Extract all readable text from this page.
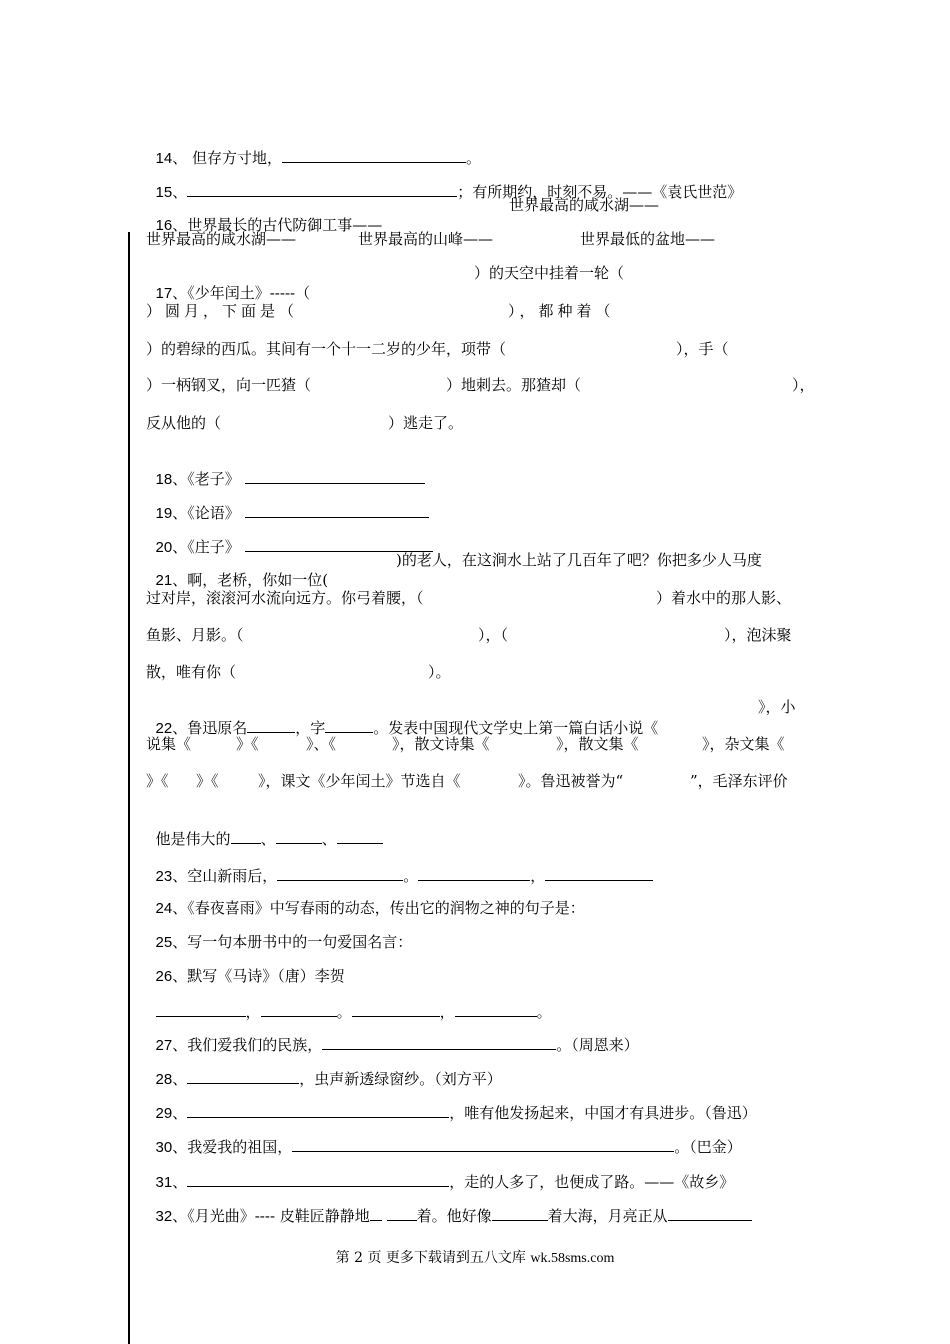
14、 但存方寸地，	。

15、	；有所期约，时刻不易。——《袁氏世范》

16、世界最长的古代防御工事——

世界最高的咸水湖——
世界最高的咸水湖——	世界最高的山峰——	世界最低的盆地——

17、《少年闰土》-----（

）的天空中挂着一轮（
）圆月，下面是（	），都种着（
）的碧绿的西瓜。其间有一个十一二岁的少年，项带（	），手（
）一柄钢叉，向一匹猹（	）地刺去。那猹却（	），
反从他的（	）逃走了。

18、《老子》

19、《论语》

20、《庄子》

21、啊，老桥，你如一位(

)的老人，在这涧水上站了几百年了吧？你把多少人马度
过对岸，滚滚河水流向远方。你弓着腰，（	）着水中的那人影、
鱼影、月影。（	），（	），泡沫聚
散，唯有你（	）。

22、鲁迅原名	，字	。发表中国现代文学史上第一篇白话小说《

》，小
说集《	》《	》、《	》，散文诗集《	》，散文集《	》，杂文集《
》《 》《	》，课文《少年闰土》节选自《	》。鲁迅被誉为“	”，毛泽东评价

他是伟大的 、	、

23、空山新雨后，	。	，

24、《春夜喜雨》中写春雨的动态，传出它的润物之神的句子是：

25、写一句本册书中的一句爱国名言：

26、默写《马诗》（唐）李贺

，	。	，	。

27、我们爱我们的民族，	。（周恩来）

28、	，虫声新透绿窗纱。（刘方平）

29、	，唯有他发扬起来，中国才有具进步。（鲁迅）

30、我爱我的祖国，	。（巴金）

31、	，走的人多了，也便成了路。——《故乡》

32、《月光曲》---- 皮鞋匠静静地	着。他好像	着大海，月亮正从

第 2 页 更多下载请到五八文库 wk.58sms.com
